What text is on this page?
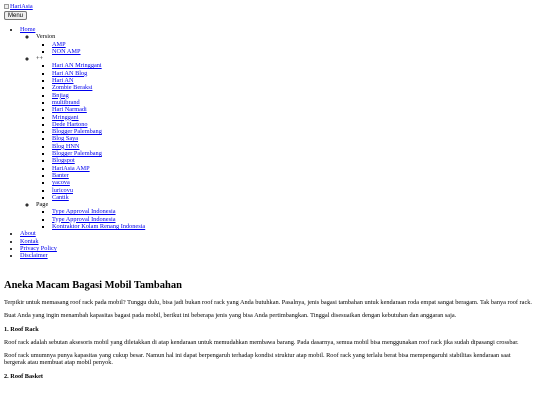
HariAsia
Menu
• Home
◦ Version
▪ AMP
▪ NON AMP
◦ ++
▪ Hari AN Mringgani
▪ Hari AN Blog
▪ Hari AN
▪ Zombie Beraksi
▪ Bnjiag
▪ multibrand
▪ Hari Narmadi
▪ Mringgani
▪ Dede Hartono
▪ Blogger Palembang
▪ Blog Saya
▪ Blog HNN
▪ Blogger Palembang
▪ Blogspot
▪ HariAsia AMP
▪ Banter
▪ yacova
▪ luricovu
▪ Cantik
◦ Page
▪ Type Approval Indonesia
▪ Type Approval Indonesia
▪ Kontraktor Kolam Renang Indonesia
• About
• Kontak
• Privacy Policy
• Disclaimer
Aneka Macam Bagasi Mobil Tambahan

Terpikir untuk memasang roof rack pada mobil? Tunggu dulu, bisa jadi bukan roof rack yang Anda butuhkan. Pasalnya, jenis bagasi tambahan untuk kendaraan roda empat sangat beragam. Tak banya roof rack.

Buat Anda yang ingin menambah kapasitas bagasi pada mobil, berikut ini beberapa jenis yang bisa Anda pertimbangkan. Tinggal disesuaikan dengan kebutuhan dan anggaran saja.

1. Roof Rack

Roof rack adalah sebutan aksesoris mobil yang diletakkan di atap kendaraan untuk memudahkan membawa barang. Pada dasarnya, semua mobil bisa menggunakan roof rack jika sudah dipasangi crossbar.

Roof rack umumnya punya kapasitas yang cukup besar. Namun hal ini dapat berpengaruh terhadap kondisi struktur atap mobil. Roof rack yang terlalu berat bisa mempengaruhi stabilitas kendaraan saat bergerak atau membuat atap mobil penyok.

2. Roof Basket
